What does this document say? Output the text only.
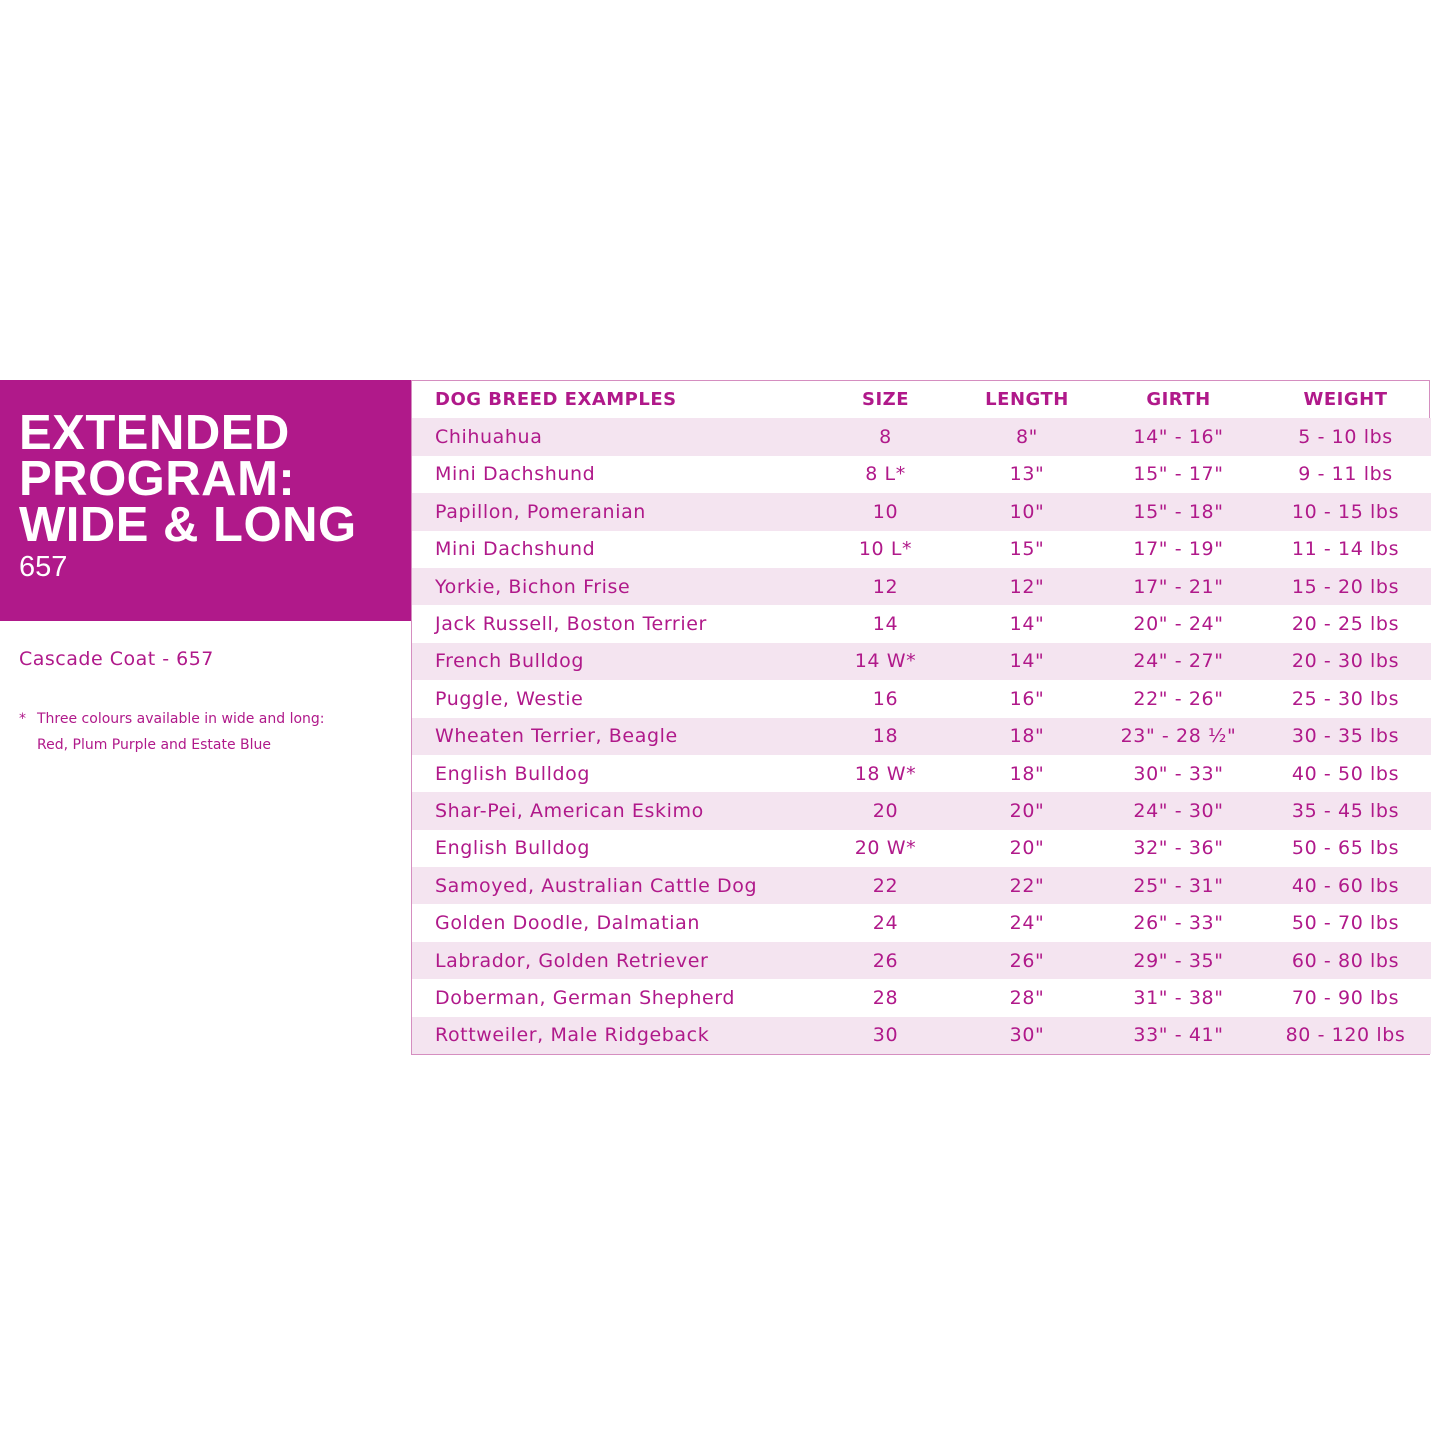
EXTENDED
PROGRAM:
WIDE & LONG
657
Cascade Coat - 657
* Three colours available in wide and long:
Red, Plum Purple and Estate Blue
DOG BREED EXAMPLES	SIZE	LENGTH	GIRTH	WEIGHT
Chihuahua	8	8"	14" - 16"	5 - 10 lbs
Mini Dachshund	8 L*	13"	15" - 17"	9 - 11 lbs
Papillon, Pomeranian	10	10"	15" - 18"	10 - 15 lbs
Mini Dachshund	10 L*	15"	17" - 19"	11 - 14 lbs
Yorkie, Bichon Frise	12	12"	17" - 21"	15 - 20 lbs
Jack Russell, Boston Terrier	14	14"	20" - 24"	20 - 25 lbs
French Bulldog	14 W*	14"	24" - 27"	20 - 30 lbs
Puggle, Westie	16	16"	22" - 26"	25 - 30 lbs
Wheaten Terrier, Beagle	18	18"	23" - 28 ½"	30 - 35 lbs
English Bulldog	18 W*	18"	30" - 33"	40 - 50 lbs
Shar-Pei, American Eskimo	20	20"	24" - 30"	35 - 45 lbs
English Bulldog	20 W*	20"	32" - 36"	50 - 65 lbs
Samoyed, Australian Cattle Dog	22	22"	25" - 31"	40 - 60 lbs
Golden Doodle, Dalmatian	24	24"	26" - 33"	50 - 70 lbs
Labrador, Golden Retriever	26	26"	29" - 35"	60 - 80 lbs
Doberman, German Shepherd	28	28"	31" - 38"	70 - 90 lbs
Rottweiler, Male Ridgeback	30	30"	33" - 41"	80 - 120 lbs
